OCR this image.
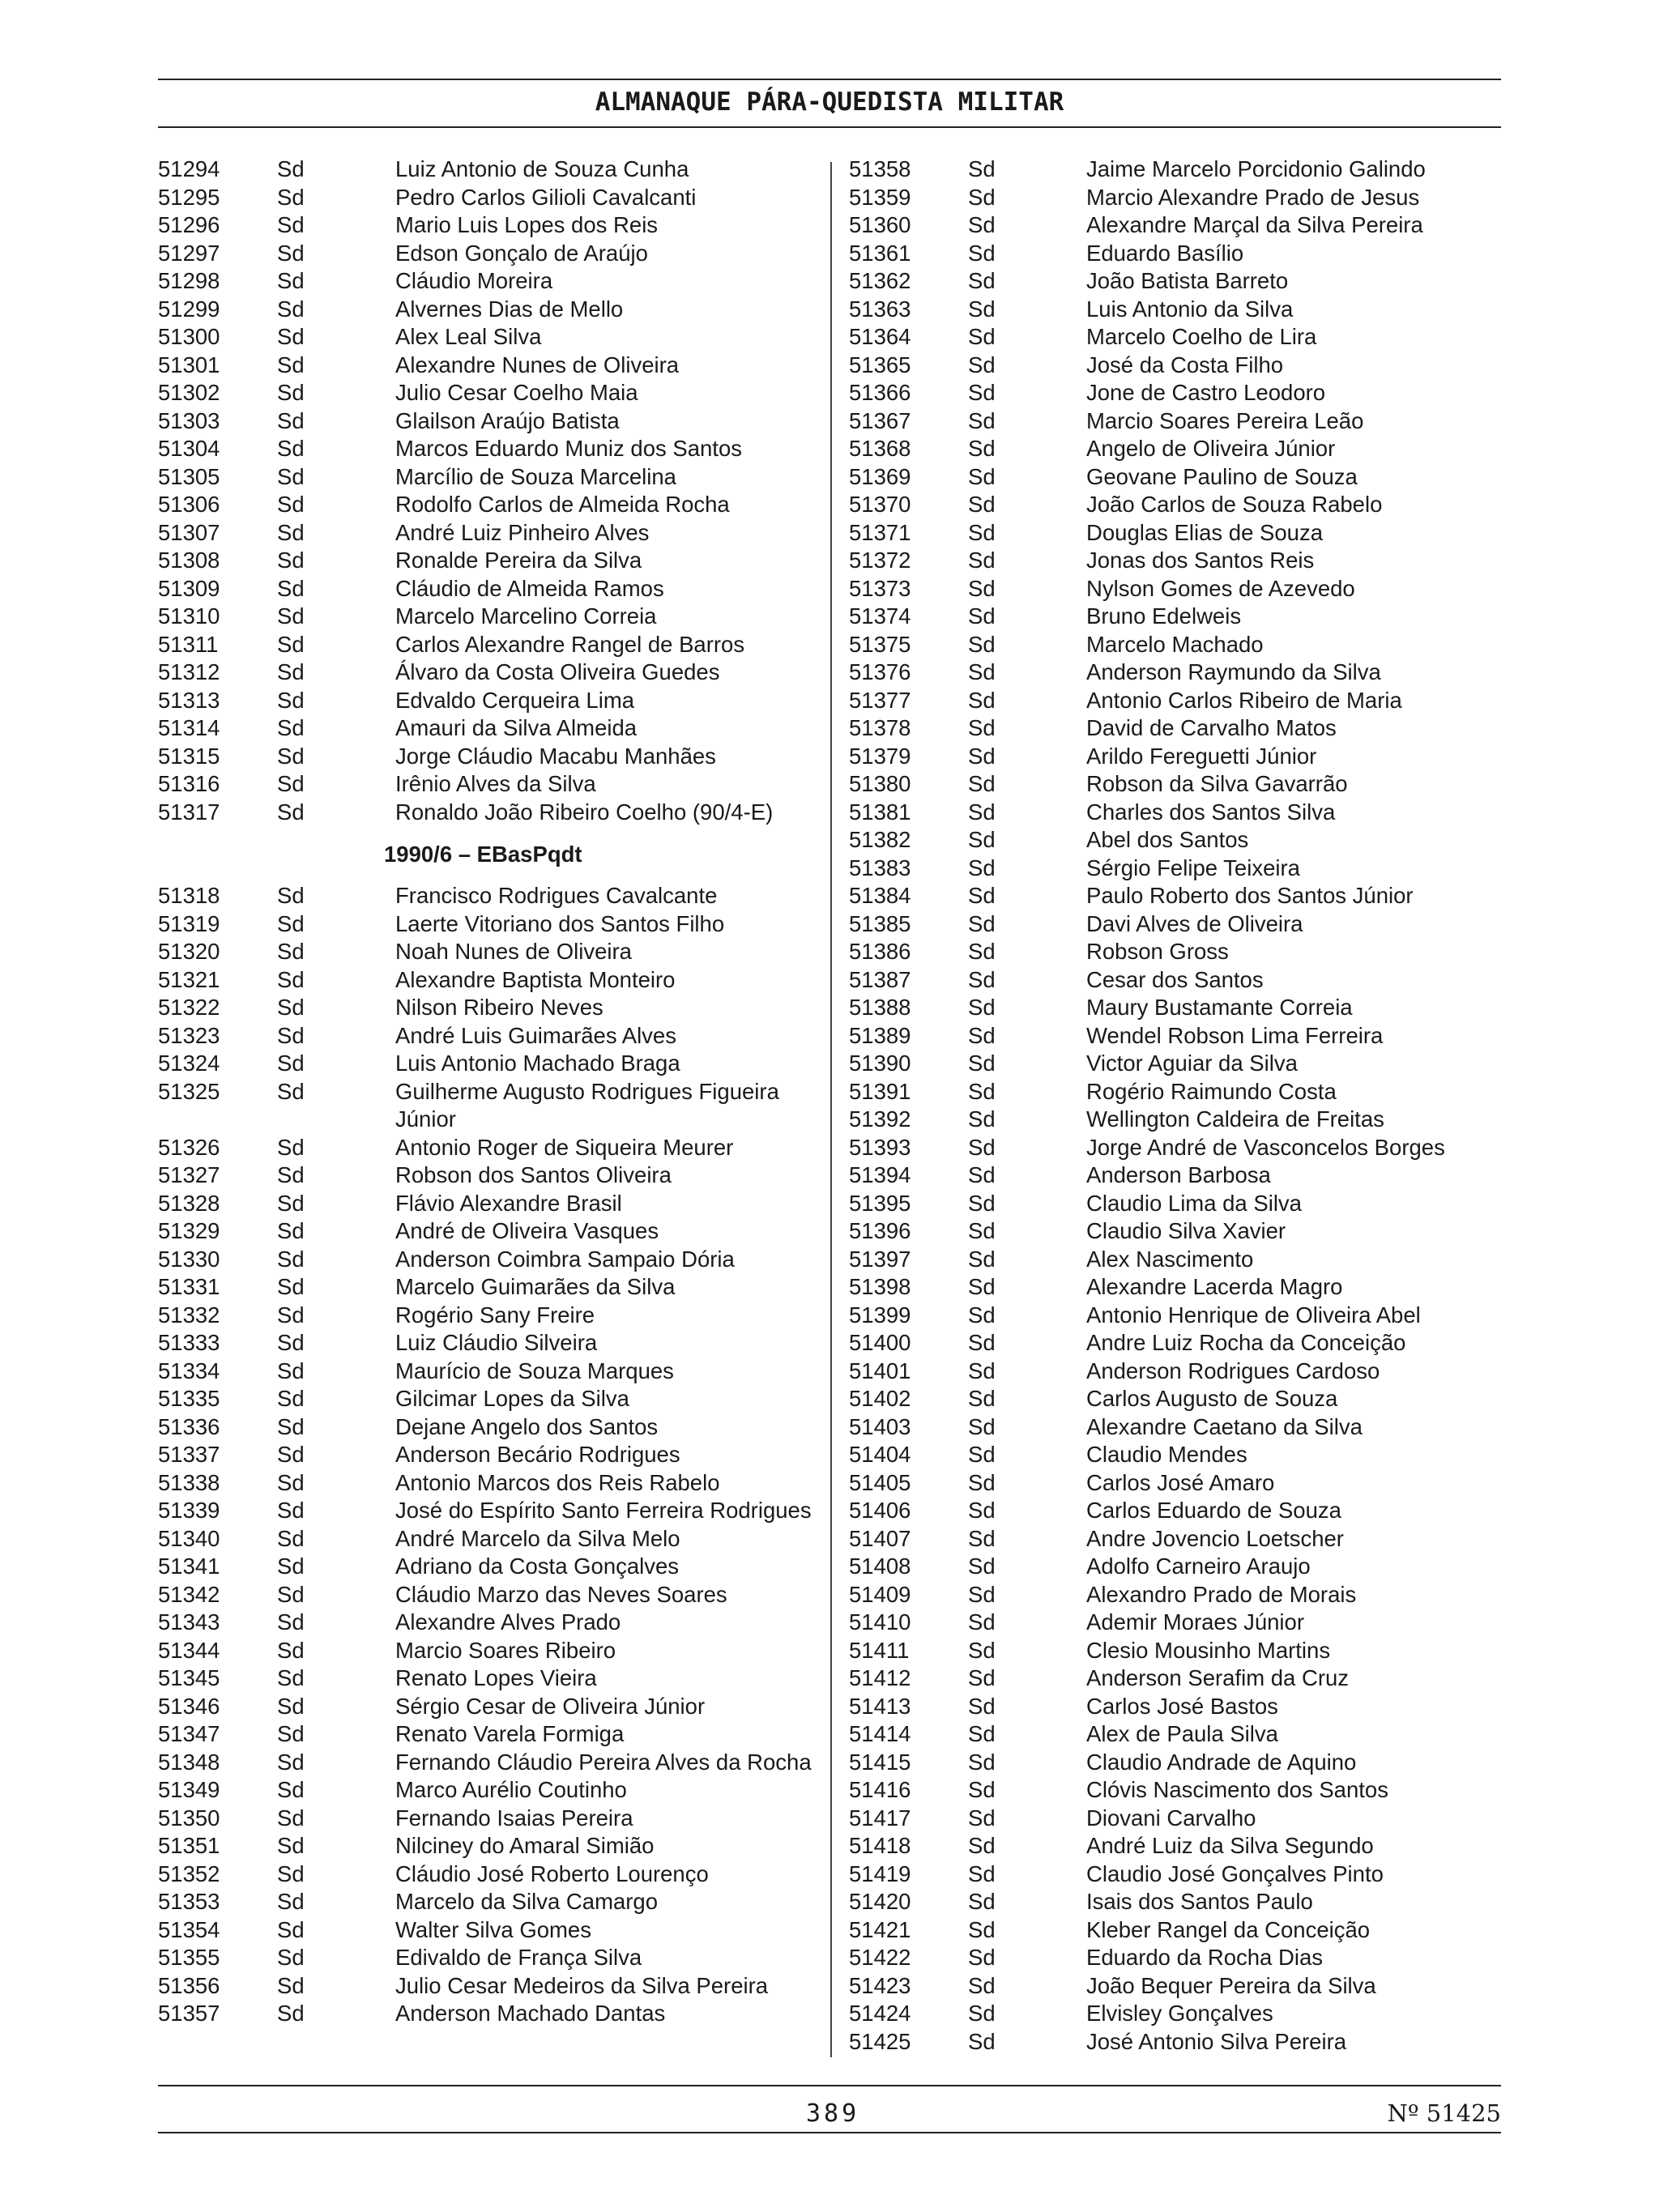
ALMANAQUE PÁRA-QUEDISTA MILITAR
51294	Sd	Luiz Antonio de Souza Cunha
51295	Sd	Pedro Carlos Gilioli Cavalcanti
51296	Sd	Mario Luis Lopes dos Reis
51297	Sd	Edson Gonçalo de Araújo
51298	Sd	Cláudio Moreira
51299	Sd	Alvernes Dias de Mello
51300	Sd	Alex Leal Silva
51301	Sd	Alexandre Nunes de Oliveira
51302	Sd	Julio Cesar Coelho Maia
51303	Sd	Glailson Araújo Batista
51304	Sd	Marcos Eduardo Muniz dos Santos
51305	Sd	Marcílio de Souza Marcelina
51306	Sd	Rodolfo Carlos de Almeida Rocha
51307	Sd	André Luiz Pinheiro Alves
51308	Sd	Ronalde Pereira da Silva
51309	Sd	Cláudio de Almeida Ramos
51310	Sd	Marcelo Marcelino Correia
51311	Sd	Carlos Alexandre Rangel de Barros
51312	Sd	Álvaro da Costa Oliveira Guedes
51313	Sd	Edvaldo Cerqueira Lima
51314	Sd	Amauri da Silva Almeida
51315	Sd	Jorge Cláudio Macabu Manhães
51316	Sd	Irênio Alves da Silva
51317	Sd	Ronaldo João Ribeiro Coelho (90/4-E)
1990/6 – EBasPqdt
51318	Sd	Francisco Rodrigues Cavalcante
51319	Sd	Laerte Vitoriano dos Santos Filho
51320	Sd	Noah Nunes de Oliveira
51321	Sd	Alexandre Baptista Monteiro
51322	Sd	Nilson Ribeiro Neves
51323	Sd	André Luis Guimarães Alves
51324	Sd	Luis Antonio Machado Braga
51325	Sd	Guilherme Augusto Rodrigues Figueira Júnior
51326	Sd	Antonio Roger de Siqueira Meurer
51327	Sd	Robson dos Santos Oliveira
51328	Sd	Flávio Alexandre Brasil
51329	Sd	André de Oliveira Vasques
51330	Sd	Anderson Coimbra Sampaio Dória
51331	Sd	Marcelo Guimarães da Silva
51332	Sd	Rogério Sany Freire
51333	Sd	Luiz Cláudio Silveira
51334	Sd	Maurício de Souza Marques
51335	Sd	Gilcimar Lopes da Silva
51336	Sd	Dejane Angelo dos Santos
51337	Sd	Anderson Becário Rodrigues
51338	Sd	Antonio Marcos dos Reis Rabelo
51339	Sd	José do Espírito Santo Ferreira Rodrigues
51340	Sd	André Marcelo da Silva Melo
51341	Sd	Adriano da Costa Gonçalves
51342	Sd	Cláudio Marzo das Neves Soares
51343	Sd	Alexandre Alves Prado
51344	Sd	Marcio Soares Ribeiro
51345	Sd	Renato Lopes Vieira
51346	Sd	Sérgio Cesar de Oliveira Júnior
51347	Sd	Renato Varela Formiga
51348	Sd	Fernando Cláudio Pereira Alves da Rocha
51349	Sd	Marco Aurélio Coutinho
51350	Sd	Fernando Isaias Pereira
51351	Sd	Nilciney do Amaral Simião
51352	Sd	Cláudio José Roberto Lourenço
51353	Sd	Marcelo da Silva Camargo
51354	Sd	Walter Silva Gomes
51355	Sd	Edivaldo de França Silva
51356	Sd	Julio Cesar Medeiros da Silva Pereira
51357	Sd	Anderson Machado Dantas
51358	Sd	Jaime Marcelo Porcidonio Galindo
51359	Sd	Marcio Alexandre Prado de Jesus
51360	Sd	Alexandre Marçal da Silva Pereira
51361	Sd	Eduardo Basílio
51362	Sd	João Batista Barreto
51363	Sd	Luis Antonio da Silva
51364	Sd	Marcelo Coelho de Lira
51365	Sd	José da Costa Filho
51366	Sd	Jone de Castro Leodoro
51367	Sd	Marcio Soares Pereira Leão
51368	Sd	Angelo de Oliveira Júnior
51369	Sd	Geovane Paulino de Souza
51370	Sd	João Carlos de Souza Rabelo
51371	Sd	Douglas Elias de Souza
51372	Sd	Jonas dos Santos Reis
51373	Sd	Nylson Gomes de Azevedo
51374	Sd	Bruno Edelweis
51375	Sd	Marcelo Machado
51376	Sd	Anderson Raymundo da Silva
51377	Sd	Antonio Carlos Ribeiro de Maria
51378	Sd	David de Carvalho Matos
51379	Sd	Arildo Fereguetti Júnior
51380	Sd	Robson da Silva Gavarrão
51381	Sd	Charles dos Santos Silva
51382	Sd	Abel dos Santos
51383	Sd	Sérgio Felipe Teixeira
51384	Sd	Paulo Roberto dos Santos Júnior
51385	Sd	Davi Alves de Oliveira
51386	Sd	Robson Gross
51387	Sd	Cesar dos Santos
51388	Sd	Maury Bustamante Correia
51389	Sd	Wendel Robson Lima Ferreira
51390	Sd	Victor Aguiar da Silva
51391	Sd	Rogério Raimundo Costa
51392	Sd	Wellington Caldeira de Freitas
51393	Sd	Jorge André de Vasconcelos Borges
51394	Sd	Anderson Barbosa
51395	Sd	Claudio Lima da Silva
51396	Sd	Claudio Silva Xavier
51397	Sd	Alex Nascimento
51398	Sd	Alexandre Lacerda Magro
51399	Sd	Antonio Henrique de Oliveira Abel
51400	Sd	Andre Luiz Rocha da Conceição
51401	Sd	Anderson Rodrigues Cardoso
51402	Sd	Carlos Augusto de Souza
51403	Sd	Alexandre Caetano da Silva
51404	Sd	Claudio Mendes
51405	Sd	Carlos José Amaro
51406	Sd	Carlos Eduardo de Souza
51407	Sd	Andre Jovencio Loetscher
51408	Sd	Adolfo Carneiro Araujo
51409	Sd	Alexandro Prado de Morais
51410	Sd	Ademir Moraes Júnior
51411	Sd	Clesio Mousinho Martins
51412	Sd	Anderson Serafim da Cruz
51413	Sd	Carlos José Bastos
51414	Sd	Alex de Paula Silva
51415	Sd	Claudio Andrade de Aquino
51416	Sd	Clóvis Nascimento dos Santos
51417	Sd	Diovani Carvalho
51418	Sd	André Luiz da Silva Segundo
51419	Sd	Claudio José Gonçalves Pinto
51420	Sd	Isais dos Santos Paulo
51421	Sd	Kleber Rangel da Conceição
51422	Sd	Eduardo da Rocha Dias
51423	Sd	João Bequer Pereira da Silva
51424	Sd	Elvisley Gonçalves
51425	Sd	José Antonio Silva Pereira
389	Nº 51425
